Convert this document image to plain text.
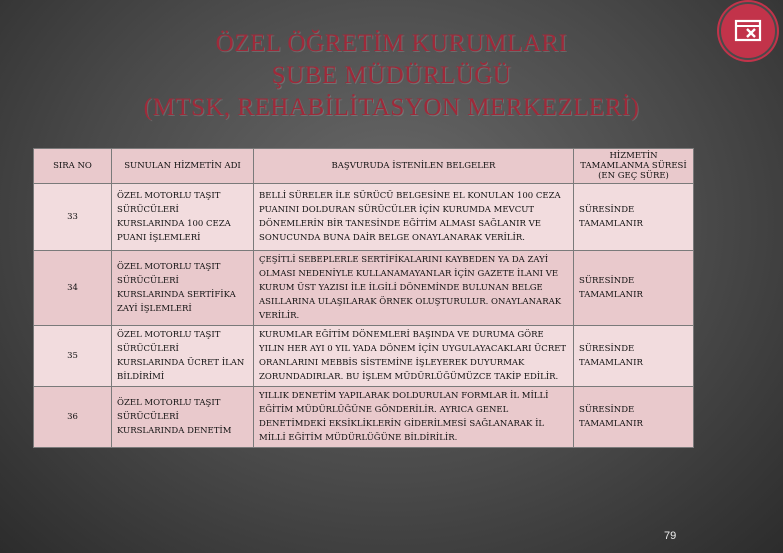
ÖZEL ÖĞRETİM KURUMLARI
ŞUBE MÜDÜRLÜĞÜ
(MTSK, REHABİLİTASYON MERKEZLERİ)
SIRA NO	SUNULAN HİZMETİN ADI	BAŞVURUDA İSTENİLEN BELGELER	HİZMETİN TAMAMLANMA SÜRESİ (EN GEÇ SÜRE)
33	ÖZEL MOTORLU TAŞIT SÜRÜCÜLERİ KURSLARINDA 100 CEZA PUANI İŞLEMLERİ	BELLİ SÜRELER İLE SÜRÜCÜ BELGESİNE EL KONULAN 100 CEZA PUANINI DOLDURAN SÜRÜCÜLER İÇİN KURUMDA MEVCUT DÖNEMLERİN BİR TANESİNDE EĞİTİM ALMASI SAĞLANIR VE SONUCUNDA BUNA DAİR BELGE ONAYLANARAK VERİLİR.	SÜRESİNDE TAMAMLANIR
34	ÖZEL MOTORLU TAŞIT SÜRÜCÜLERİ KURSLARINDA SERTİFİKA ZAYİ İŞLEMLERİ	ÇEŞİTLİ SEBEPLERLE SERTİFİKALARINI KAYBEDEN YA DA ZAYİ OLMASI NEDENİYLE KULLANAMAYANLAR İÇİN GAZETE İLANI VE KURUM ÜST YAZISI İLE İLGİLİ DÖNEMİNDE BULUNAN BELGE ASILLARINA ULAŞILARAK ÖRNEK OLUŞTURULUR. ONAYLANARAK VERİLİR.	SÜRESİNDE TAMAMLANIR
35	ÖZEL MOTORLU TAŞIT SÜRÜCÜLERİ KURSLARINDA ÜCRET İLAN BİLDİRİMİ	KURUMLAR EĞİTİM DÖNEMLERİ BAŞINDA VE DURUMA GÖRE YILIN HER AYI 0 YIL YADA DÖNEM İÇİN UYGULAYACAKLARI ÜCRET ORANLARINI MEBBİS SİSTEMİNE İŞLEYEREK DUYURMAK ZORUNDADIRLAR. BU İŞLEM MÜDÜRLÜĞÜMÜZCE TAKİP EDİLİR.	SÜRESİNDE TAMAMLANIR
36	ÖZEL MOTORLU TAŞIT SÜRÜCÜLERİ KURSLARINDA DENETİM	YILLIK DENETİM YAPILARAK DOLDURULAN FORMLAR İL MİLLİ EĞİTİM MÜDÜRLÜĞÜNE GÖNDERİLİR. AYRICA GENEL DENETİMDEKİ EKSİKLİKLERİN GİDERİLMESİ SAĞLANARAK İL MİLLİ EĞİTİM MÜDÜRLÜĞÜNE BİLDİRİLİR.	SÜRESİNDE TAMAMLANIR
79
